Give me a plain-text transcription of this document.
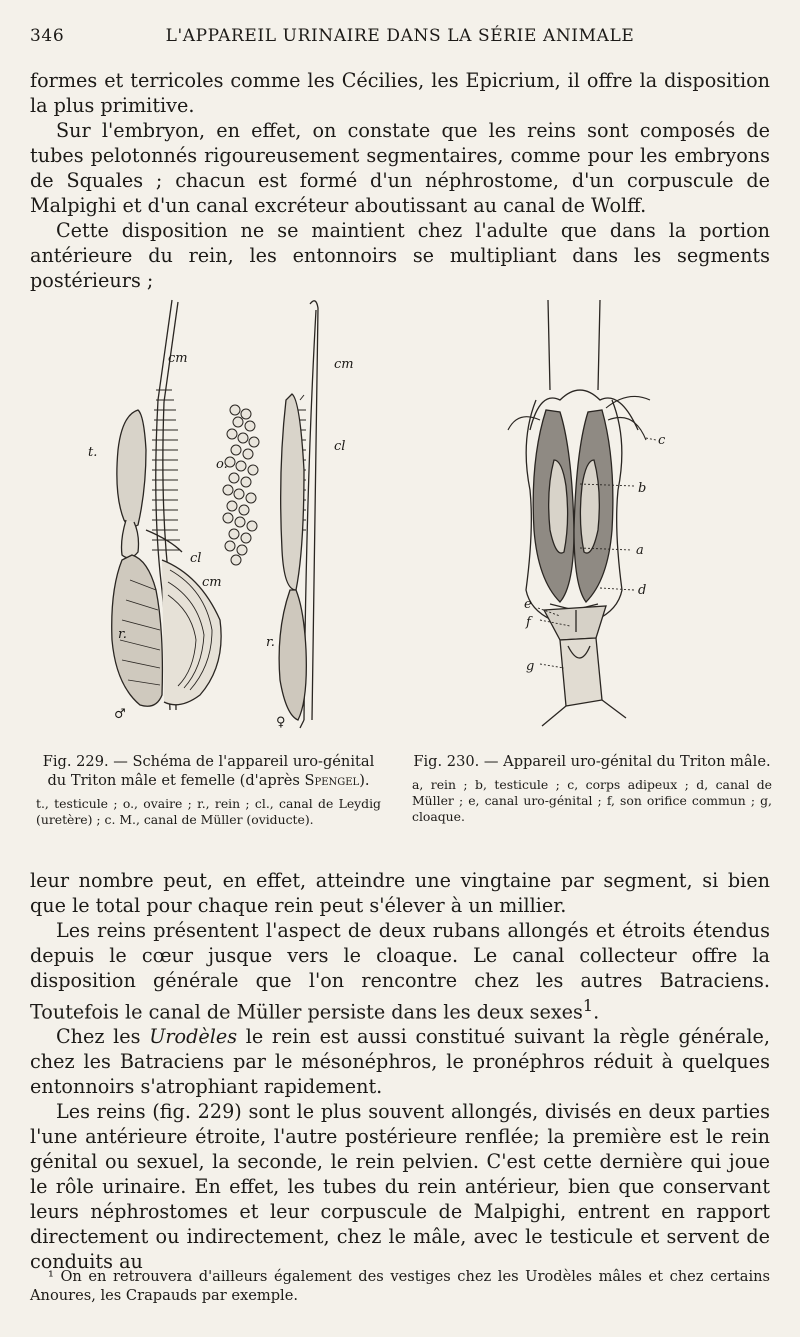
346	L'APPAREIL URINAIRE DANS LA SÉRIE ANIMALE

formes et terricoles comme les Cécilies, les Epicrium, il offre la disposition la plus primitive.

Sur l'embryon, en effet, on constate que les reins sont composés de tubes pelotonnés rigoureusement segmentaires, comme pour les embryons de Squales ; chacun est formé d'un néphrostome, d'un corpuscule de Malpighi et d'un canal excréteur aboutissant au canal de Wolff.

Cette disposition ne se maintient chez l'adulte que dans la portion antérieure du rein, les entonnoirs se multipliant dans les segments postérieurs ;

cm
t.
cl
cm
r.
♂
cm
cl
o.
r.
♀
c
b
a
d
e
f
g
Fig. 229. — Schéma de l'appareil uro-génital du Triton mâle et femelle (d'après Spengel).
t., testicule ; o., ovaire ; r., rein ; cl., canal de Leydig (uretère) ; c. M., canal de Müller (oviducte).
Fig. 230. — Appareil uro-génital du Triton mâle.
a, rein ; b, testicule ; c, corps adipeux ; d, canal de Müller ; e, canal uro-génital ; f, son orifice commun ; g, cloaque.

leur nombre peut, en effet, atteindre une vingtaine par segment, si bien que le total pour chaque rein peut s'élever à un millier.

Les reins présentent l'aspect de deux rubans allongés et étroits étendus depuis le cœur jusque vers le cloaque. Le canal collecteur offre la disposition générale que l'on rencontre chez les autres Batraciens. Toutefois le canal de Müller persiste dans les deux sexes$^1$.

Chez les Urodèles le rein est aussi constitué suivant la règle générale, chez les Batraciens par le mésonéphros, le pronéphros réduit à quelques entonnoirs s'atrophiant rapidement.

Les reins (fig. 229) sont le plus souvent allongés, divisés en deux parties l'une antérieure étroite, l'autre postérieure renflée; la première est le rein génital ou sexuel, la seconde, le rein pelvien. C'est cette dernière qui joue le rôle urinaire. En effet, les tubes du rein antérieur, bien que conservant leurs néphrostomes et leur corpuscule de Malpighi, entrent en rapport directement ou indirectement, chez le mâle, avec le testicule et servent de conduits au

¹ On en retrouvera d'ailleurs également des vestiges chez les Urodèles mâles et chez certains Anoures, les Crapauds par exemple.
